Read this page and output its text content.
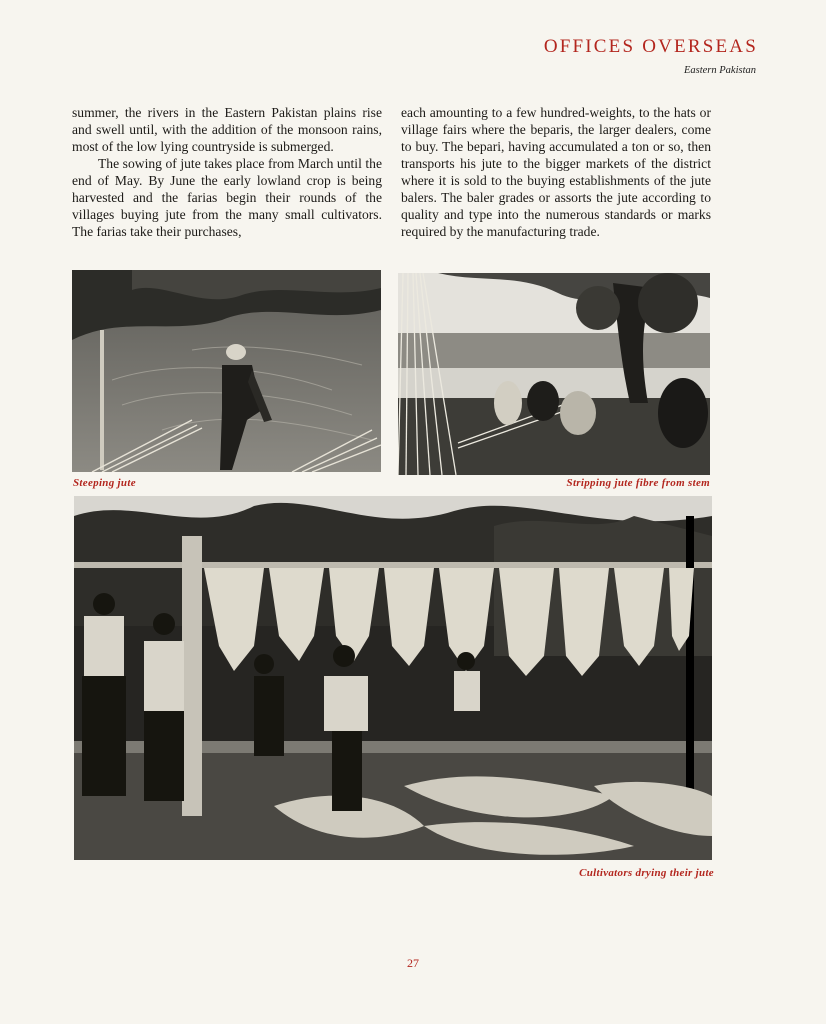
OFFICES OVERSEAS
Eastern Pakistan

summer, the rivers in the Eastern Pakistan plains rise and swell until, with the addition of the monsoon rains, most of the low lying countryside is submerged.

The sowing of jute takes place from March until the end of May. By June the early lowland crop is being harvested and the farias begin their rounds of the villages buying jute from the many small cultivators. The farias take their purchases,

each amounting to a few hundred-weights, to the hats or village fairs where the beparis, the larger dealers, come to buy. The bepari, having accumulated a ton or so, then transports his jute to the bigger markets of the district where it is sold to the buying establishments of the jute balers. The baler grades or assorts the jute according to quality and type into the numerous standards or marks required by the manufacturing trade.

Steeping jute	Stripping jute fibre from stem
Cultivators drying their jute
27
